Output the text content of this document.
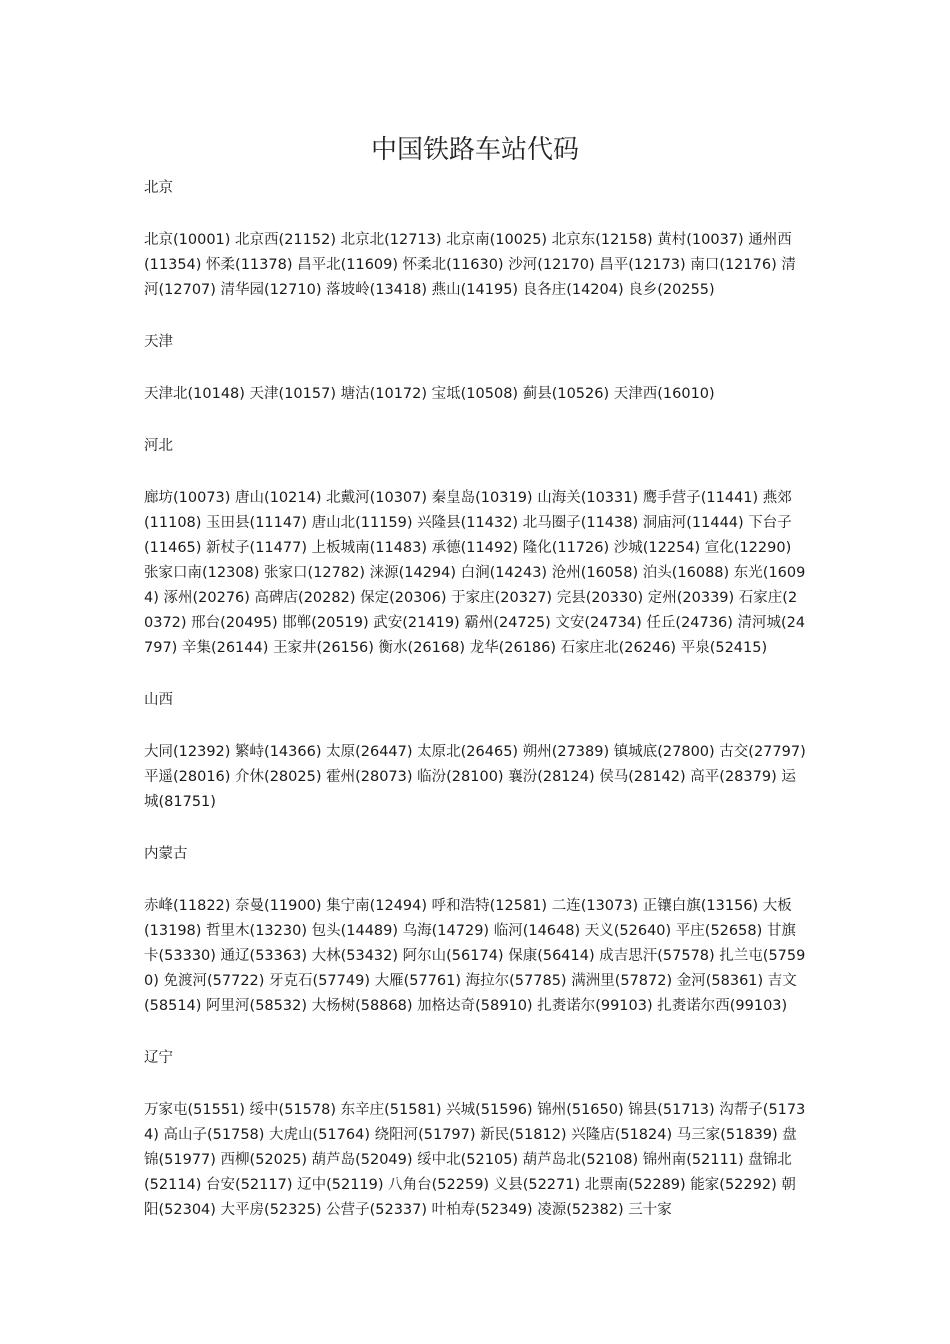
中国铁路车站代码

北京

北京(10001) 北京西(21152) 北京北(12713) 北京南(10025) 北京东(12158) 黄村(10037) 通州西(11354) 怀柔(11378) 昌平北(11609) 怀柔北(11630) 沙河(12170) 昌平(12173) 南口(12176) 清河(12707) 清华园(12710) 落坡岭(13418) 燕山(14195) 良各庄(14204) 良乡(20255)

天津

天津北(10148) 天津(10157) 塘沽(10172) 宝坻(10508) 蓟县(10526) 天津西(16010)

河北

廊坊(10073) 唐山(10214) 北戴河(10307) 秦皇岛(10319) 山海关(10331) 鹰手营子(11441) 燕郊(11108) 玉田县(11147) 唐山北(11159) 兴隆县(11432) 北马圈子(11438) 洞庙河(11444) 下台子(11465) 新杖子(11477) 上板城南(11483) 承德(11492) 隆化(11726) 沙城(12254) 宣化(12290) 张家口南(12308) 张家口(12782) 涞源(14294) 白涧(14243) 沧州(16058) 泊头(16088) 东光(16094) 涿州(20276) 高碑店(20282) 保定(20306) 于家庄(20327) 完县(20330) 定州(20339) 石家庄(20372) 邢台(20495) 邯郸(20519) 武安(21419) 霸州(24725) 文安(24734) 任丘(24736) 清河城(24797) 辛集(26144) 王家井(26156) 衡水(26168) 龙华(26186) 石家庄北(26246) 平泉(52415)

山西

大同(12392) 繁峙(14366) 太原(26447) 太原北(26465) 朔州(27389) 镇城底(27800) 古交(27797) 平遥(28016) 介休(28025) 霍州(28073) 临汾(28100) 襄汾(28124) 侯马(28142) 高平(28379) 运城(81751)

内蒙古

赤峰(11822) 奈曼(11900) 集宁南(12494) 呼和浩特(12581) 二连(13073) 正镶白旗(13156) 大板(13198) 哲里木(13230) 包头(14489) 乌海(14729) 临河(14648) 天义(52640) 平庄(52658) 甘旗卡(53330) 通辽(53363) 大林(53432) 阿尔山(56174) 保康(56414) 成吉思汗(57578) 扎兰屯(57590) 免渡河(57722) 牙克石(57749) 大雁(57761) 海拉尔(57785) 满洲里(57872) 金河(58361) 吉文(58514) 阿里河(58532) 大杨树(58868) 加格达奇(58910) 扎赉诺尔(99103) 扎赉诺尔西(99103)

辽宁

万家屯(51551) 绥中(51578) 东辛庄(51581) 兴城(51596) 锦州(51650) 锦县(51713) 沟帮子(51734) 高山子(51758) 大虎山(51764) 绕阳河(51797) 新民(51812) 兴隆店(51824) 马三家(51839) 盘锦(51977) 西柳(52025) 葫芦岛(52049) 绥中北(52105) 葫芦岛北(52108) 锦州南(52111) 盘锦北(52114) 台安(52117) 辽中(52119) 八角台(52259) 义县(52271) 北票南(52289) 能家(52292) 朝阳(52304) 大平房(52325) 公营子(52337) 叶柏寿(52349) 凌源(52382) 三十家
